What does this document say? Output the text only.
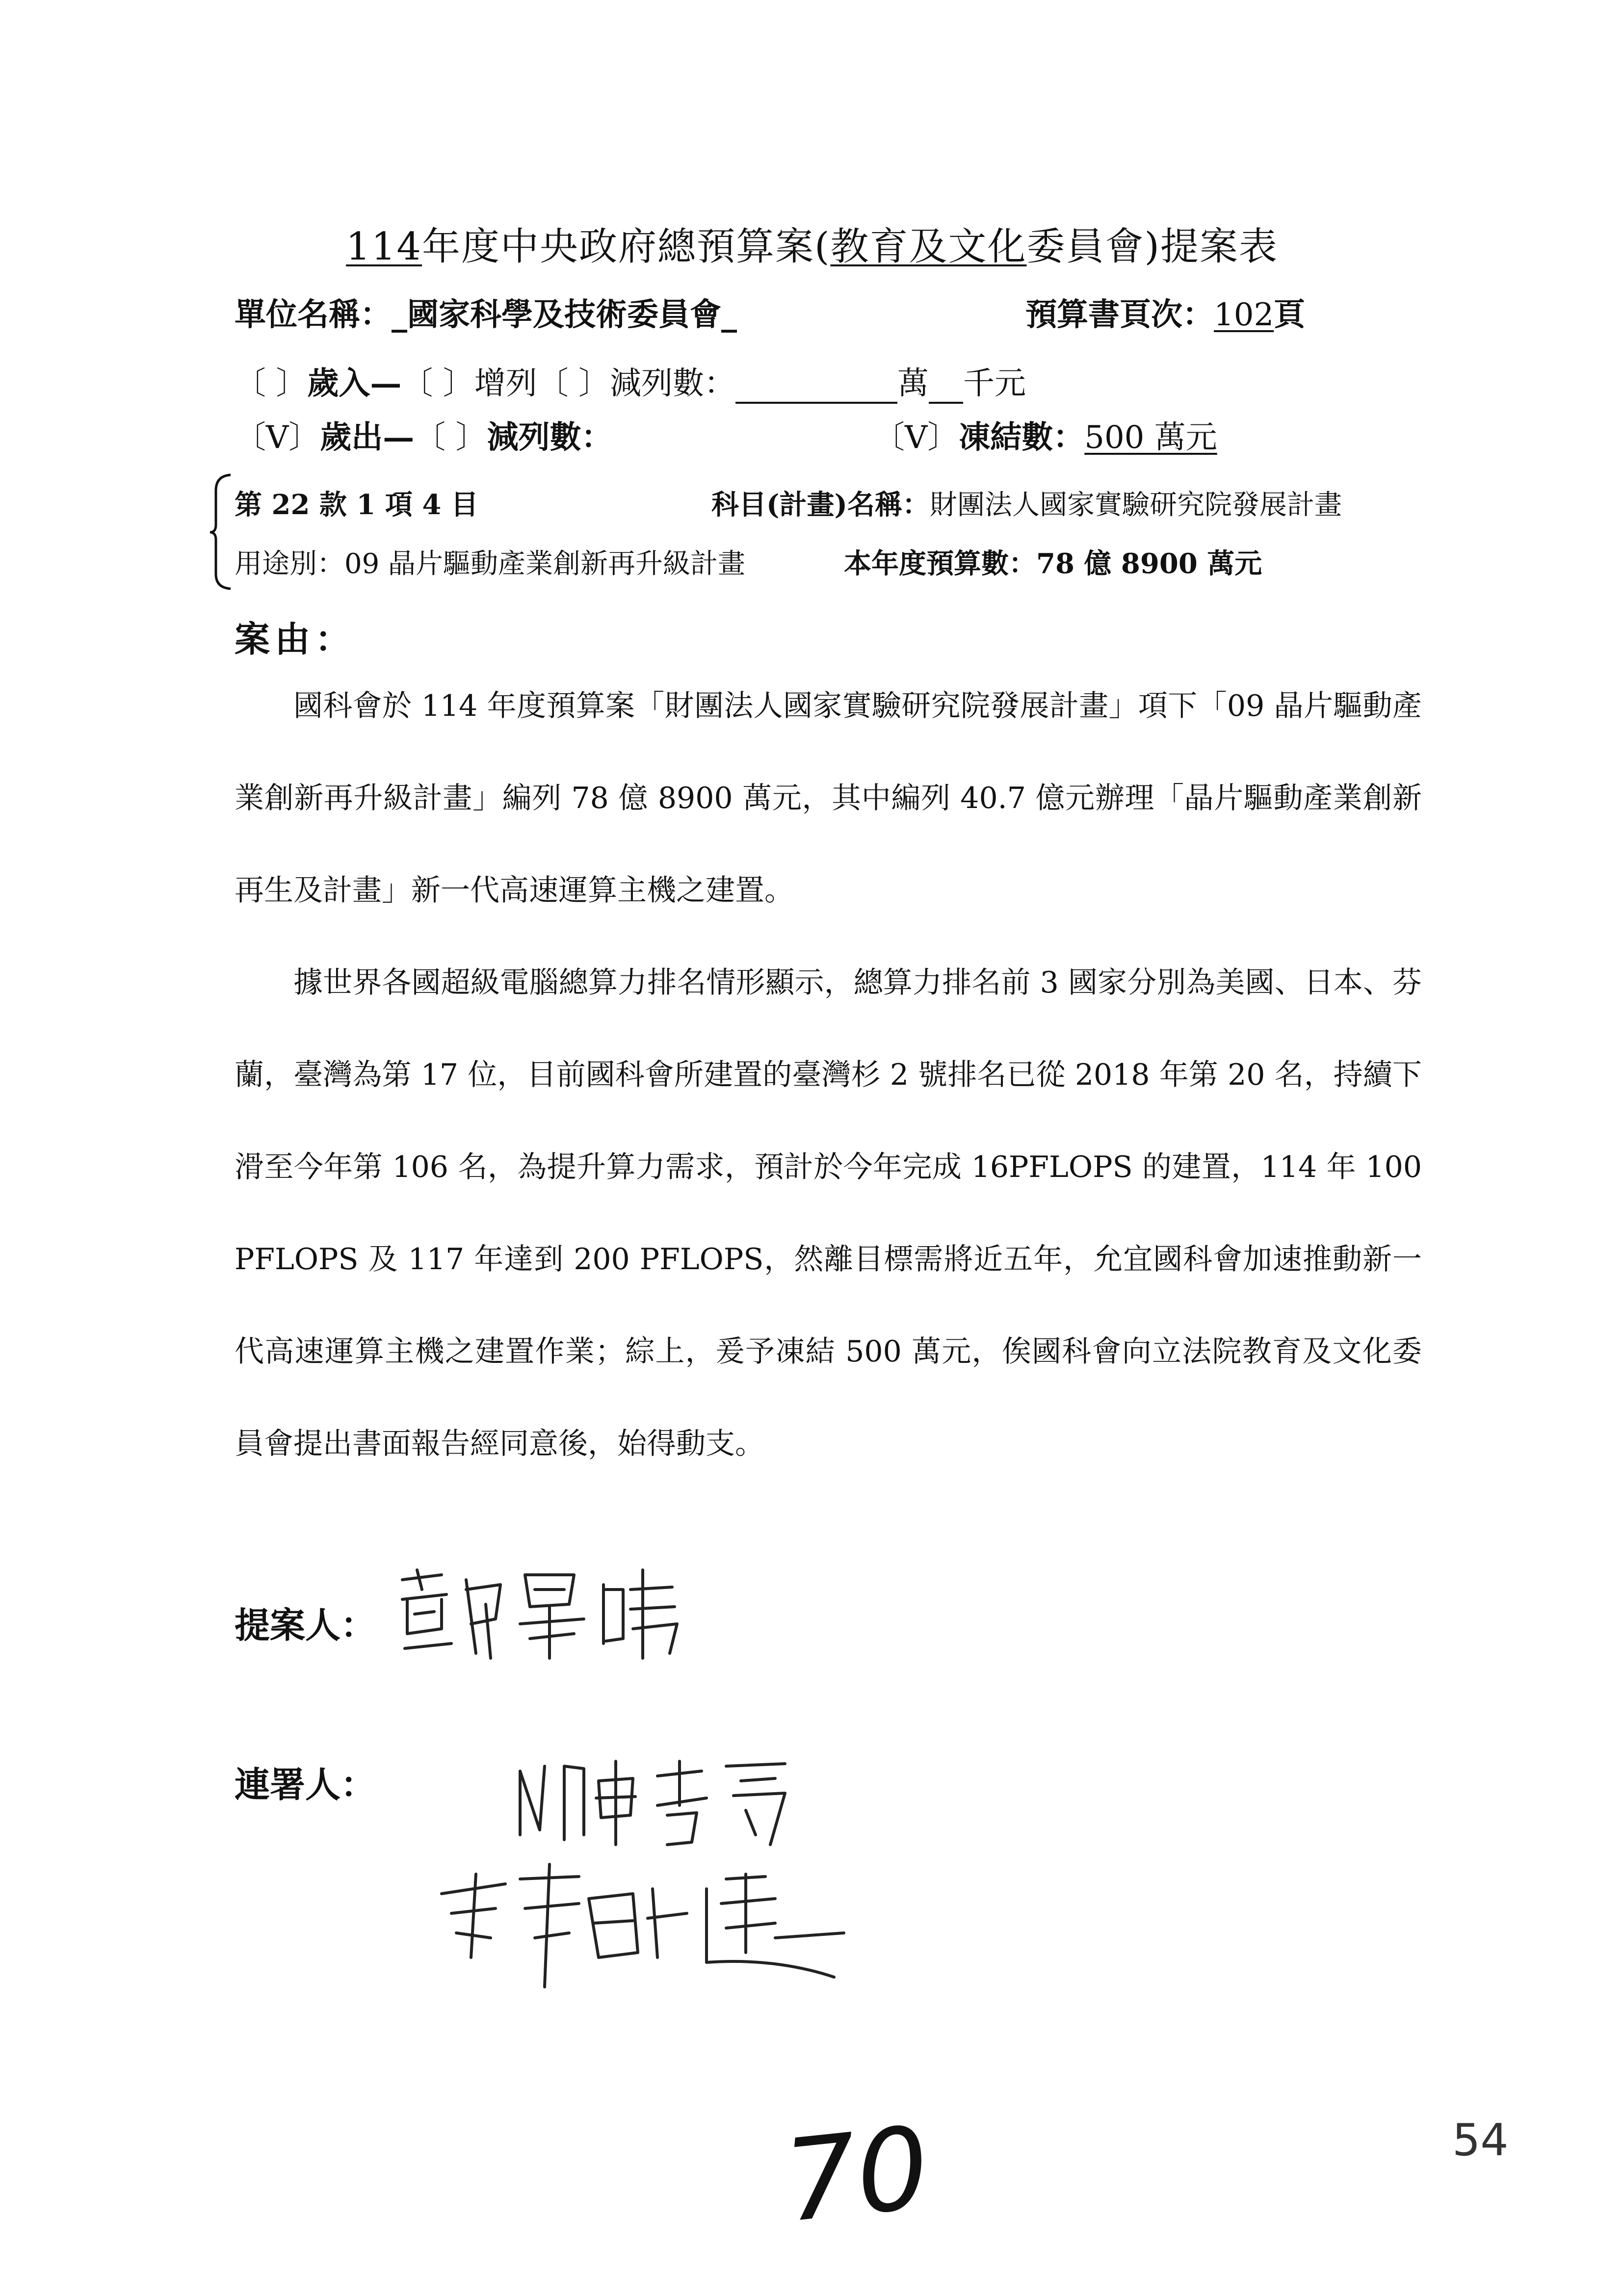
114年度中央政府總預算案(教育及文化委員會)提案表
單位名稱：_國家科學及技術委員會_	預算書頁次：102頁
〔 〕歲入—〔 〕增列〔 〕減列數：	萬 千元
〔V〕歲出—〔 〕減列數：	〔V〕凍結數：500 萬元
第 22 款 1 項 4 目	科目(計畫)名稱：財團法人國家實驗研究院發展計畫
用途別：09 晶片驅動產業創新再升級計畫	本年度預算數：78 億 8900 萬元
案由：

國科會於 114 年度預算案「財團法人國家實驗研究院發展計畫」項下「09 晶片驅動產業創新再升級計畫」編列 78 億 8900 萬元，其中編列 40.7 億元辦理「晶片驅動產業創新再生及計畫」新一代高速運算主機之建置。

據世界各國超級電腦總算力排名情形顯示，總算力排名前 3 國家分別為美國、日本、芬蘭，臺灣為第 17 位，目前國科會所建置的臺灣杉 2 號排名已從 2018 年第 20 名，持續下滑至今年第 106 名，為提升算力需求，預計於今年完成 16PFLOPS 的建置，114 年 100 PFLOPS 及 117 年達到 200 PFLOPS，然離目標需將近五年，允宜國科會加速推動新一代高速運算主機之建置作業；綜上，爰予凍結 500 萬元，俟國科會向立法院教育及文化委員會提出書面報告經同意後，始得動支。

提案人：
連署人：
70	54
